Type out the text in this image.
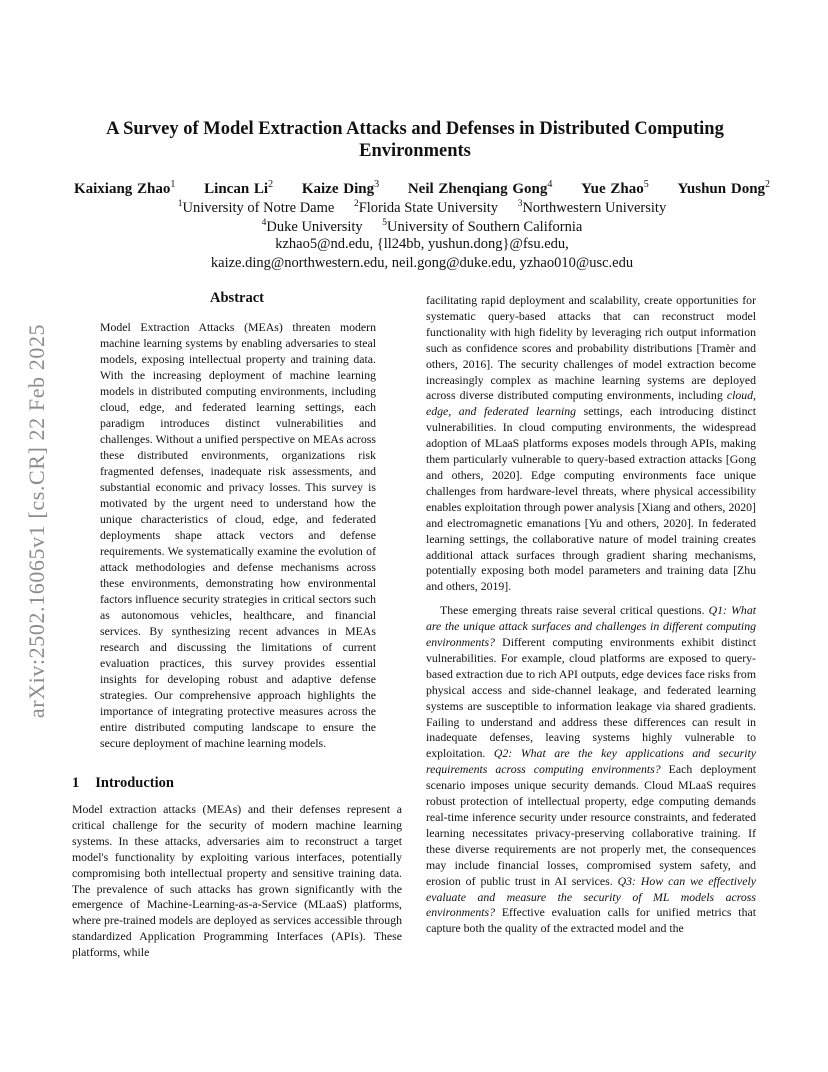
arXiv:2502.16065v1 [cs.CR] 22 Feb 2025
A Survey of Model Extraction Attacks and Defenses in Distributed Computing Environments
Kaixiang Zhao$^1$ Lincan Li$^2$ Kaize Ding$^3$ Neil Zhenqiang Gong$^4$ Yue Zhao$^5$ Yushun Dong$^2$
$^1$University of Notre Dame $^2$Florida State University $^3$Northwestern University
$^4$Duke University $^5$University of Southern California
kzhao5@nd.edu, {ll24bb, yushun.dong}@fsu.edu,
kaize.ding@northwestern.edu, neil.gong@duke.edu, yzhao010@usc.edu
Abstract

Model Extraction Attacks (MEAs) threaten modern machine learning systems by enabling adversaries to steal models, exposing intellectual property and training data. With the increasing deployment of machine learning models in distributed computing environments, including cloud, edge, and federated learning settings, each paradigm introduces distinct vulnerabilities and challenges. Without a unified perspective on MEAs across these distributed environments, organizations risk fragmented defenses, inadequate risk assessments, and substantial economic and privacy losses. This survey is motivated by the urgent need to understand how the unique characteristics of cloud, edge, and federated deployments shape attack vectors and defense requirements. We systematically examine the evolution of attack methodologies and defense mechanisms across these environments, demonstrating how environmental factors influence security strategies in critical sectors such as autonomous vehicles, healthcare, and financial services. By synthesizing recent advances in MEAs research and discussing the limitations of current evaluation practices, this survey provides essential insights for developing robust and adaptive defense strategies. Our comprehensive approach highlights the importance of integrating protective measures across the entire distributed computing landscape to ensure the secure deployment of machine learning models.

1 Introduction

Model extraction attacks (MEAs) and their defenses represent a critical challenge for the security of modern machine learning systems. In these attacks, adversaries aim to reconstruct a target model's functionality by exploiting various interfaces, potentially compromising both intellectual property and sensitive training data. The prevalence of such attacks has grown significantly with the emergence of Machine-Learning-as-a-Service (MLaaS) platforms, where pre-trained models are deployed as services accessible through standardized Application Programming Interfaces (APIs). These platforms, while

facilitating rapid deployment and scalability, create opportunities for systematic query-based attacks that can reconstruct model functionality with high fidelity by leveraging rich output information such as confidence scores and probability distributions [Tramèr and others, 2016]. The security challenges of model extraction become increasingly complex as machine learning systems are deployed across diverse distributed computing environments, including cloud, edge, and federated learning settings, each introducing distinct vulnerabilities. In cloud computing environments, the widespread adoption of MLaaS platforms exposes models through APIs, making them particularly vulnerable to query-based extraction attacks [Gong and others, 2020]. Edge computing environments face unique challenges from hardware-level threats, where physical accessibility enables exploitation through power analysis [Xiang and others, 2020] and electromagnetic emanations [Yu and others, 2020]. In federated learning settings, the collaborative nature of model training creates additional attack surfaces through gradient sharing mechanisms, potentially exposing both model parameters and training data [Zhu and others, 2019].

These emerging threats raise several critical questions. Q1: What are the unique attack surfaces and challenges in different computing environments? Different computing environments exhibit distinct vulnerabilities. For example, cloud platforms are exposed to query-based extraction due to rich API outputs, edge devices face risks from physical access and side-channel leakage, and federated learning systems are susceptible to information leakage via shared gradients. Failing to understand and address these differences can result in inadequate defenses, leaving systems highly vulnerable to exploitation. Q2: What are the key applications and security requirements across computing environments? Each deployment scenario imposes unique security demands. Cloud MLaaS requires robust protection of intellectual property, edge computing demands real-time inference security under resource constraints, and federated learning necessitates privacy-preserving collaborative training. If these diverse requirements are not properly met, the consequences may include financial losses, compromised system safety, and erosion of public trust in AI services. Q3: How can we effectively evaluate and measure the security of ML models across environments? Effective evaluation calls for unified metrics that capture both the quality of the extracted model and the
